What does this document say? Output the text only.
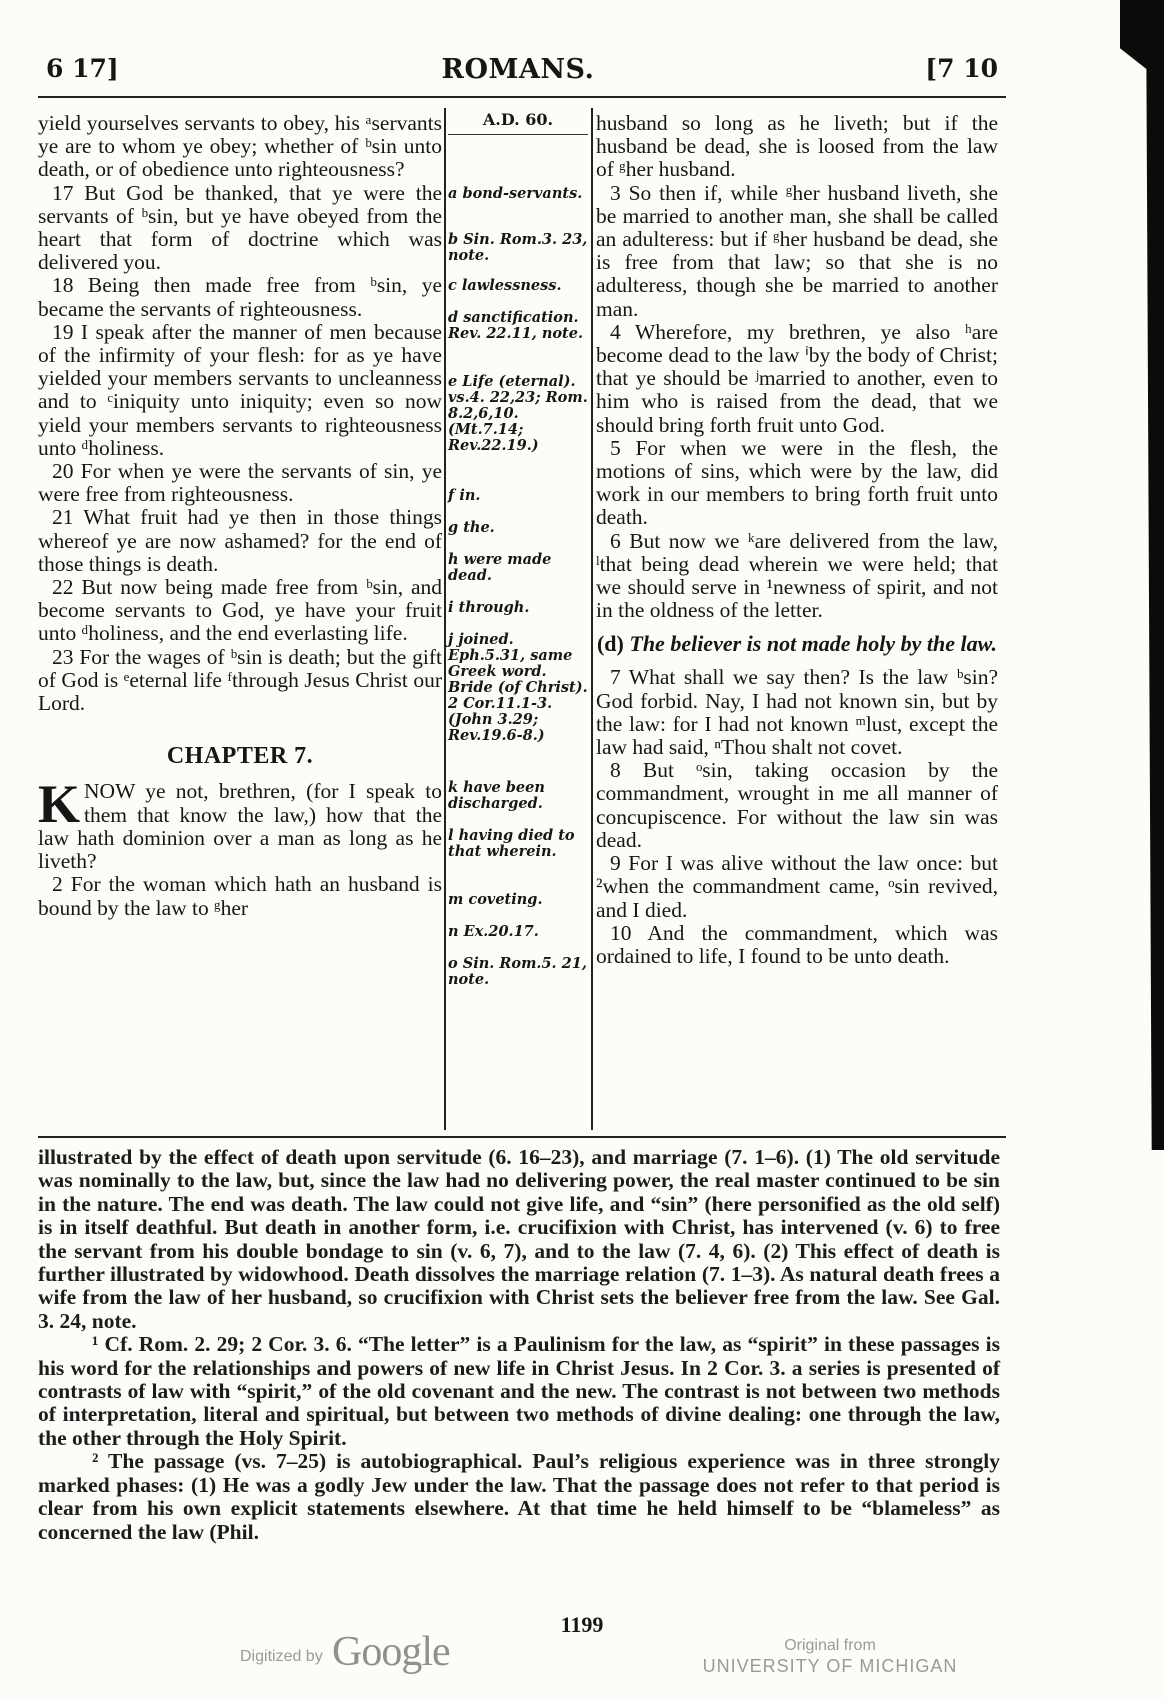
6 17]	ROMANS.	[7 10

yield yourselves servants to obey, his ᵃservants ye are to whom ye obey; whether of ᵇsin unto death, or of obedience unto righteousness?

17 But God be thanked, that ye were the servants of ᵇsin, but ye have obeyed from the heart that form of doctrine which was delivered you.

18 Being then made free from ᵇsin, ye became the servants of righteousness.

19 I speak after the manner of men because of the infirmity of your flesh: for as ye have yielded your members servants to uncleanness and to ᶜiniquity unto iniquity; even so now yield your members servants to righteousness unto ᵈholiness.

20 For when ye were the servants of sin, ye were free from righteousness.

21 What fruit had ye then in those things whereof ye are now ashamed? for the end of those things is death.

22 But now being made free from ᵇsin, and become servants to God, ye have your fruit unto ᵈholiness, and the end everlasting life.

23 For the wages of ᵇsin is death; but the gift of God is ᵉeternal life ᶠthrough Jesus Christ our Lord.

CHAPTER 7.

KNOW ye not, brethren, (for I speak to them that know the law,) how that the law hath dominion over a man as long as he liveth?

2 For the woman which hath an husband is bound by the law to ᵍher

A.D. 60.
a bond-servants.
b Sin. Rom.3. 23, note.
c lawlessness.
d sanctification. Rev. 22.11, note.
e Life (eternal). vs.4. 22,23; Rom. 8.2,6,10. (Mt.7.14; Rev.22.19.)
f in.
g the.
h were made dead.
i through.
j joined. Eph.5.31, same Greek word. Bride (of Christ). 2 Cor.11.1-3. (John 3.29; Rev.19.6-8.)
k have been discharged.
l having died to that wherein.
m coveting.
n Ex.20.17.
o Sin. Rom.5. 21, note.

husband so long as he liveth; but if the husband be dead, she is loosed from the law of ᵍher husband.

3 So then if, while ᵍher husband liveth, she be married to another man, she shall be called an adulteress: but if ᵍher husband be dead, she is free from that law; so that she is no adulteress, though she be married to another man.

4 Wherefore, my brethren, ye also ʰare become dead to the law ⁱby the body of Christ; that ye should be ʲmarried to another, even to him who is raised from the dead, that we should bring forth fruit unto God.

5 For when we were in the flesh, the motions of sins, which were by the law, did work in our members to bring forth fruit unto death.

6 But now we ᵏare delivered from the law, ˡthat being dead wherein we were held; that we should serve in ¹newness of spirit, and not in the oldness of the letter.

(d) The believer is not made holy by the law.

7 What shall we say then? Is the law ᵇsin? God forbid. Nay, I had not known sin, but by the law: for I had not known ᵐlust, except the law had said, ⁿThou shalt not covet.

8 But ᵒsin, taking occasion by the commandment, wrought in me all manner of concupiscence. For without the law sin was dead.

9 For I was alive without the law once: but ²when the commandment came, ᵒsin revived, and I died.

10 And the commandment, which was ordained to life, I found to be unto death.

illustrated by the effect of death upon servitude (6. 16–23), and marriage (7. 1–6). (1) The old servitude was nominally to the law, but, since the law had no delivering power, the real master continued to be sin in the nature. The end was death. The law could not give life, and “sin” (here personified as the old self) is in itself deathful. But death in another form, i.e. crucifixion with Christ, has intervened (v. 6) to free the servant from his double bondage to sin (v. 6, 7), and to the law (7. 4, 6). (2) This effect of death is further illustrated by widowhood. Death dissolves the marriage relation (7. 1–3). As natural death frees a wife from the law of her husband, so crucifixion with Christ sets the believer free from the law. See Gal. 3. 24, note.

¹ Cf. Rom. 2. 29; 2 Cor. 3. 6. “The letter” is a Paulinism for the law, as “spirit” in these passages is his word for the relationships and powers of new life in Christ Jesus. In 2 Cor. 3. a series is presented of contrasts of law with “spirit,” of the old covenant and the new. The contrast is not between two methods of interpretation, literal and spiritual, but between two methods of divine dealing: one through the law, the other through the Holy Spirit.

² The passage (vs. 7–25) is autobiographical. Paul’s religious experience was in three strongly marked phases: (1) He was a godly Jew under the law. That the passage does not refer to that period is clear from his own explicit statements elsewhere. At that time he held himself to be “blameless” as concerned the law (Phil.

1199
Digitized by Google	Original from
UNIVERSITY OF MICHIGAN
